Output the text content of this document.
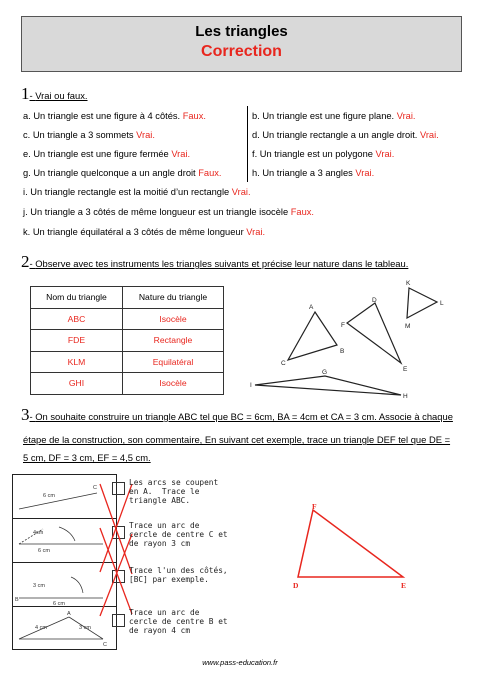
Les triangles
Correction
1- Vrai ou faux.
a. Un triangle est une figure à 4 côtés. Faux.	b. Un triangle est une figure plane. Vrai.
c. Un triangle a 3 sommets Vrai.	d. Un triangle rectangle a un angle droit. Vrai.
e. Un triangle est une figure fermée Vrai.	f. Un triangle est un polygone Vrai.
g. Un triangle quelconque a un angle droit Faux.	h. Un triangle a 3 angles Vrai.
i. Un triangle rectangle est la moitié d’un rectangle Vrai.
j. Un triangle a 3 côtés de même longueur est un triangle isocèle Faux.
k. Un triangle équilatéral a 3 côtés de même longueur Vrai.
2- Observe avec tes instruments les triangles suivants et précise leur nature dans le tableau.
Nom du triangle	Nature du triangle
ABC	Isocèle
FDE	Rectangle
KLM	Equilatéral
GHI	Isocèle
A
B
C
D
E
F
G
H
I
K
L
M
3- On souhaite construire un triangle ABC tel que BC = 6cm, BA = 4cm et CA = 3 cm. Associe à chaque
étape de la construction, son commentaire, En suivant cet exemple, trace un triangle DEF tel que DE =
5 cm, DF = 3 cm, EF = 4,5 cm.
6 cm
C
6 cm
4cm
6 cm
3 cm
B
4 cm	3 cm
A
C
Les arcs se coupent
en A.  Trace le
triangle ABC.
Trace un arc de
cercle de centre C et
de rayon 3 cm
Trace l'un des côtés,
[BC] par exemple.
Trace un arc de
cercle de centre B et
de rayon 4 cm
F
D	E
www.pass-education.fr
